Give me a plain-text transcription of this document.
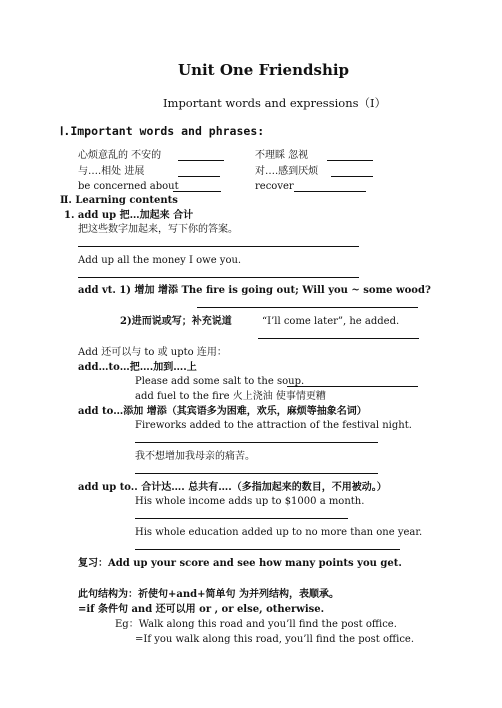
Unit One Friendship
Important words and expressions（Ⅰ）
Ⅰ.Important words and phrases:
心烦意乱的 不安的	不理睬 忽视
与….相处 进展	对….感到厌烦
be concerned about	recover
Ⅱ. Learning contents
1. add up 把…加起来 合计
把这些数字加起来，写下你的答案。
Add up all the money I owe you.
add vt. 1) 增加 增添 The fire is going out; Will you ~ some wood?
2)进而说或写；补充说道	“I’ll come later”, he added.
Add 还可以与 to 或 upto 连用：
add…to…把….加到….上
Please add some salt to the soup.
add fuel to the fire 火上浇油 使事情更糟
add to…添加 增添（其宾语多为困难，欢乐，麻烦等抽象名词）
Fireworks added to the attraction of the festival night.
我不想增加我母亲的痛苦。
add up to.. 合计达…. 总共有….（多指加起来的数目，不用被动。）
His whole income adds up to $1000 a month.
His whole education added up to no more than one year.
复习：Add up your score and see how many points you get.
此句结构为：祈使句+and+简单句 为并列结构，表顺承。
=if 条件句 and 还可以用 or , or else, otherwise.
Eg：Walk along this road and you’ll find the post office.
=If you walk along this road, you’ll find the post office.
